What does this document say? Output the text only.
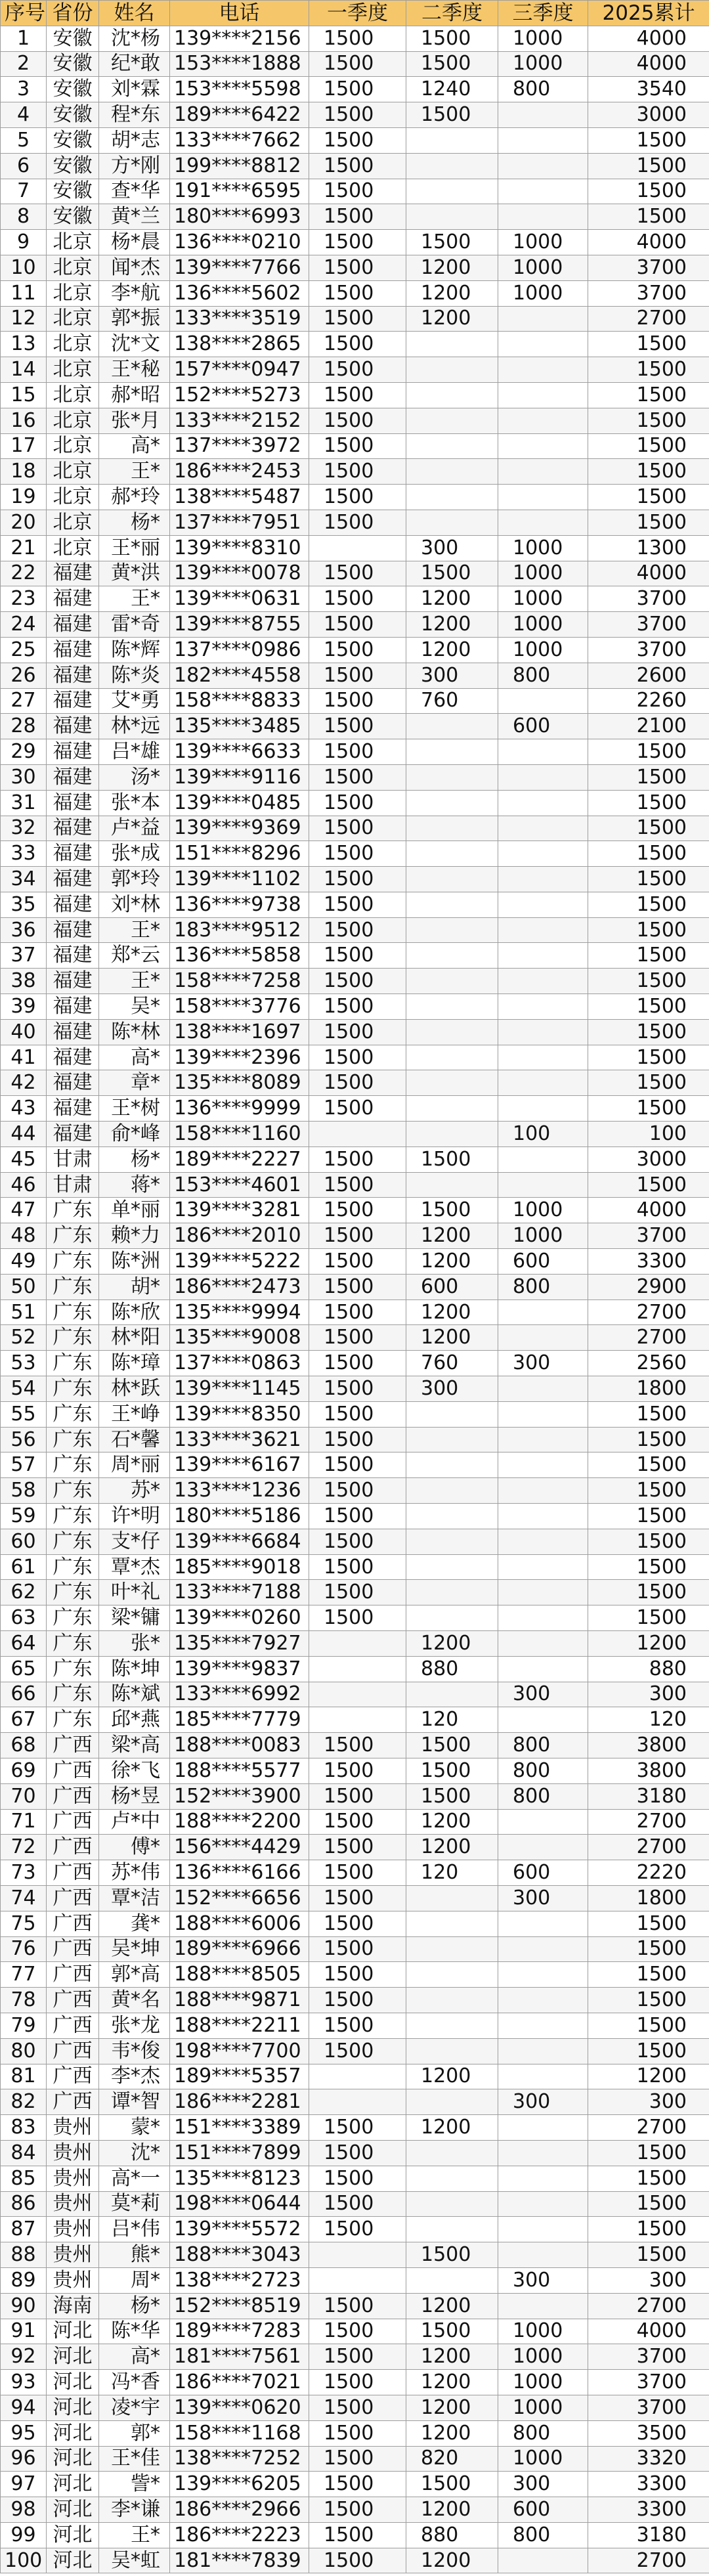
序号	省份	姓名	电话	一季度	二季度	三季度	2025累计
1	安徽	沈*杨	139****2156	1500	1500	1000	4000
2	安徽	纪*敢	153****1888	1500	1500	1000	4000
3	安徽	刘*霖	153****5598	1500	1240	800	3540
4	安徽	程*东	189****6422	1500	1500		3000
5	安徽	胡*志	133****7662	1500			1500
6	安徽	方*刚	199****8812	1500			1500
7	安徽	查*华	191****6595	1500			1500
8	安徽	黄*兰	180****6993	1500			1500
9	北京	杨*晨	136****0210	1500	1500	1000	4000
10	北京	闻*杰	139****7766	1500	1200	1000	3700
11	北京	李*航	136****5602	1500	1200	1000	3700
12	北京	郭*振	133****3519	1500	1200		2700
13	北京	沈*文	138****2865	1500			1500
14	北京	王*秘	157****0947	1500			1500
15	北京	郝*昭	152****5273	1500			1500
16	北京	张*月	133****2152	1500			1500
17	北京	高*	137****3972	1500			1500
18	北京	王*	186****2453	1500			1500
19	北京	郝*玲	138****5487	1500			1500
20	北京	杨*	137****7951	1500			1500
21	北京	王*丽	139****8310		300	1000	1300
22	福建	黄*洪	139****0078	1500	1500	1000	4000
23	福建	王*	139****0631	1500	1200	1000	3700
24	福建	雷*奇	139****8755	1500	1200	1000	3700
25	福建	陈*辉	137****0986	1500	1200	1000	3700
26	福建	陈*炎	182****4558	1500	300	800	2600
27	福建	艾*勇	158****8833	1500	760		2260
28	福建	林*远	135****3485	1500		600	2100
29	福建	吕*雄	139****6633	1500			1500
30	福建	汤*	139****9116	1500			1500
31	福建	张*本	139****0485	1500			1500
32	福建	卢*益	139****9369	1500			1500
33	福建	张*成	151****8296	1500			1500
34	福建	郭*玲	139****1102	1500			1500
35	福建	刘*林	136****9738	1500			1500
36	福建	王*	183****9512	1500			1500
37	福建	郑*云	136****5858	1500			1500
38	福建	王*	158****7258	1500			1500
39	福建	吴*	158****3776	1500			1500
40	福建	陈*林	138****1697	1500			1500
41	福建	高*	139****2396	1500			1500
42	福建	章*	135****8089	1500			1500
43	福建	王*树	136****9999	1500			1500
44	福建	俞*峰	158****1160			100	100
45	甘肃	杨*	189****2227	1500	1500		3000
46	甘肃	蒋*	153****4601	1500			1500
47	广东	单*丽	139****3281	1500	1500	1000	4000
48	广东	赖*力	186****2010	1500	1200	1000	3700
49	广东	陈*洲	139****5222	1500	1200	600	3300
50	广东	胡*	186****2473	1500	600	800	2900
51	广东	陈*欣	135****9994	1500	1200		2700
52	广东	林*阳	135****9008	1500	1200		2700
53	广东	陈*璋	137****0863	1500	760	300	2560
54	广东	林*跃	139****1145	1500	300		1800
55	广东	王*峥	139****8350	1500			1500
56	广东	石*馨	133****3621	1500			1500
57	广东	周*丽	139****6167	1500			1500
58	广东	苏*	133****1236	1500			1500
59	广东	许*明	180****5186	1500			1500
60	广东	支*仔	139****6684	1500			1500
61	广东	覃*杰	185****9018	1500			1500
62	广东	叶*礼	133****7188	1500			1500
63	广东	梁*镛	139****0260	1500			1500
64	广东	张*	135****7927		1200		1200
65	广东	陈*坤	139****9837		880		880
66	广东	陈*斌	133****6992			300	300
67	广东	邱*燕	185****7779		120		120
68	广西	梁*高	188****0083	1500	1500	800	3800
69	广西	徐*飞	188****5577	1500	1500	800	3800
70	广西	杨*昱	152****3900	1500	1500	800	3180
71	广西	卢*中	188****2200	1500	1200		2700
72	广西	傅*	156****4429	1500	1200		2700
73	广西	苏*伟	136****6166	1500	120	600	2220
74	广西	覃*洁	152****6656	1500		300	1800
75	广西	龚*	188****6006	1500			1500
76	广西	吴*坤	189****6966	1500			1500
77	广西	郭*高	188****8505	1500			1500
78	广西	黄*名	188****9871	1500			1500
79	广西	张*龙	188****2211	1500			1500
80	广西	韦*俊	198****7700	1500			1500
81	广西	李*杰	189****5357		1200		1200
82	广西	谭*智	186****2281			300	300
83	贵州	蒙*	151****3389	1500	1200		2700
84	贵州	沈*	151****7899	1500			1500
85	贵州	高*一	135****8123	1500			1500
86	贵州	莫*莉	198****0644	1500			1500
87	贵州	吕*伟	139****5572	1500			1500
88	贵州	熊*	188****3043		1500		1500
89	贵州	周*	138****2723			300	300
90	海南	杨*	152****8519	1500	1200		2700
91	河北	陈*华	189****7283	1500	1500	1000	4000
92	河北	高*	181****7561	1500	1200	1000	3700
93	河北	冯*香	186****7021	1500	1200	1000	3700
94	河北	凌*宇	139****0620	1500	1200	1000	3700
95	河北	郭*	158****1168	1500	1200	800	3500
96	河北	王*佳	138****7252	1500	820	1000	3320
97	河北	訾*	139****6205	1500	1500	300	3300
98	河北	李*谦	186****2966	1500	1200	600	3300
99	河北	王*	186****2223	1500	880	800	3180
100	河北	吴*虹	181****7839	1500	1200		2700
